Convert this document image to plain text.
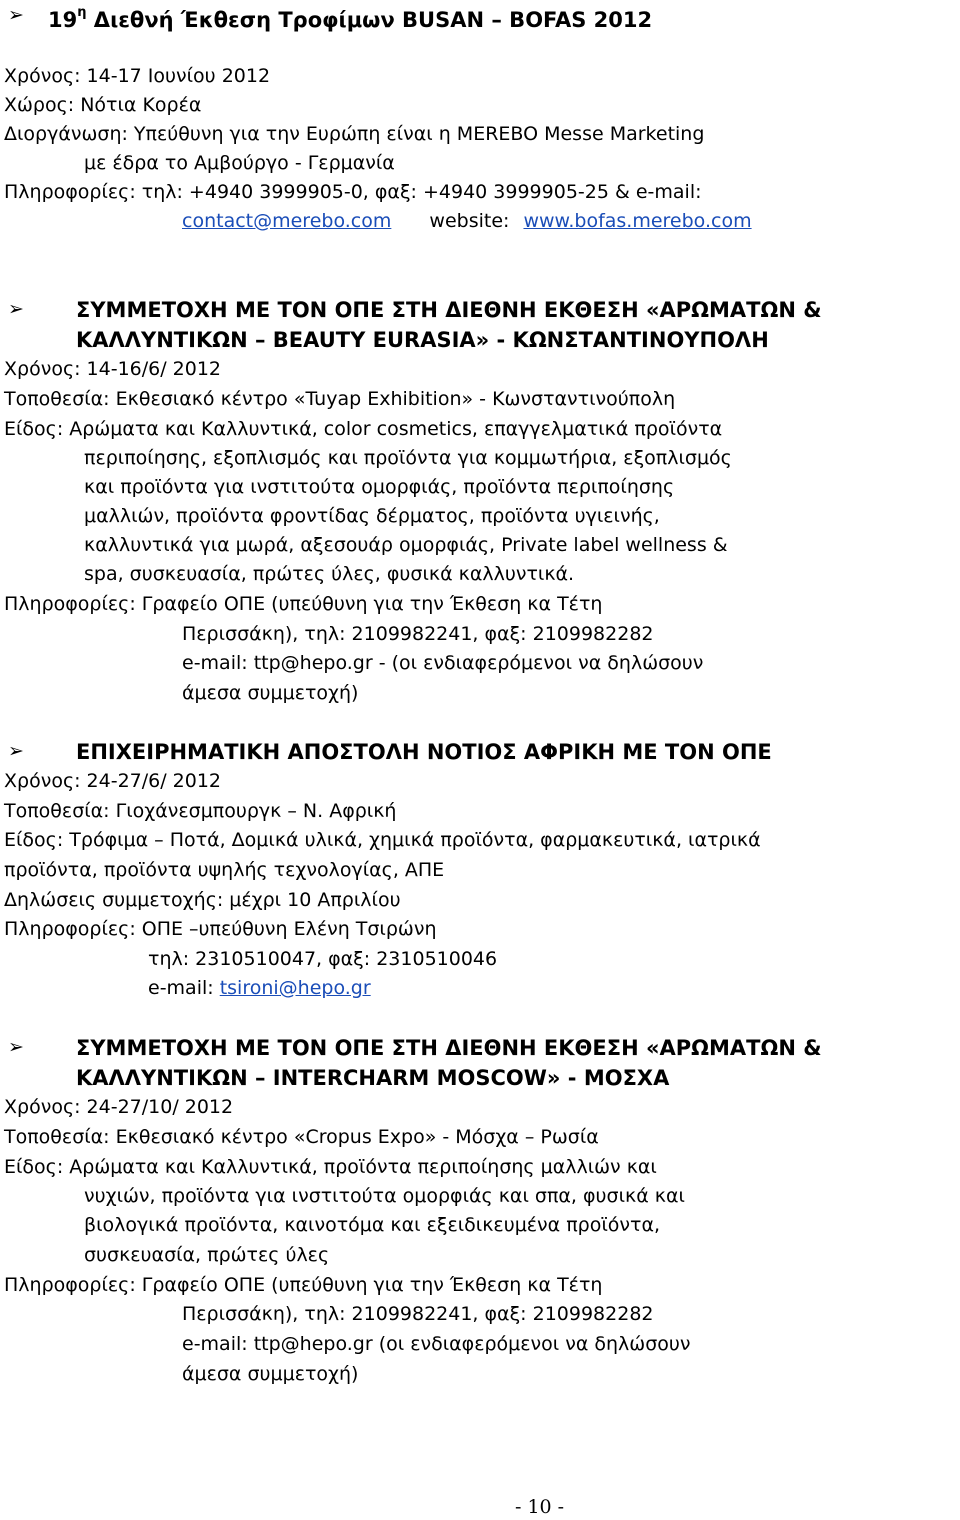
➢ $19^\eta$ Διεθνή Έκθεση Τροφίμων BUSAN – BOFAS 2012
Χρόνος: 14-17 Ιουνίου 2012
Χώρος: Νότια Κορέα
Διοργάνωση: Υπεύθυνη για την Ευρώπη είναι η MEREBO Messe Marketing
με έδρα το Αμβούργο - Γερμανία
Πληροφορίες: τηλ: +4940 3999905-0, φαξ: +4940 3999905-25 & e-mail:
contact@merebo.com website: www.bofas.merebo.com
➢ ΣΥΜΜΕΤΟΧΗ ΜΕ ΤΟΝ ΟΠΕ ΣΤΗ ΔΙΕΘΝΗ ΕΚΘΕΣΗ «ΑΡΩΜΑΤΩΝ &
ΚΑΛΛΥΝΤΙΚΩΝ – BEAUTY EURASIA» - ΚΩΝΣΤΑΝΤΙΝΟΥΠΟΛΗ
Χρόνος: 14-16/6/ 2012
Τοποθεσία: Εκθεσιακό κέντρο «Tuyap Exhibition» - Κωνσταντινούπολη
Είδος: Αρώματα και Καλλυντικά, color cosmetics, επαγγελματικά προϊόντα
περιποίησης, εξοπλισμός και προϊόντα για κομμωτήρια, εξοπλισμός
και προϊόντα για ινστιτούτα ομορφιάς, προϊόντα περιποίησης
μαλλιών, προϊόντα φροντίδας δέρματος, προϊόντα υγιεινής,
καλλυντικά για μωρά, αξεσουάρ ομορφιάς, Private label wellness &
spa, συσκευασία, πρώτες ύλες, φυσικά καλλυντικά.
Πληροφορίες: Γραφείο ΟΠΕ (υπεύθυνη για την Έκθεση κα Τέτη
Περισσάκη), τηλ: 2109982241, φαξ: 2109982282
e-mail: ttp@hepo.gr - (οι ενδιαφερόμενοι να δηλώσουν
άμεσα συμμετοχή)
➢ ΕΠΙΧΕΙΡΗΜΑΤΙΚΗ ΑΠΟΣΤΟΛΗ ΝΟΤΙΟΣ ΑΦΡΙΚΗ ΜΕ ΤΟΝ ΟΠΕ
Χρόνος: 24-27/6/ 2012
Τοποθεσία: Γιοχάνεσμπουργκ – Ν. Αφρική
Είδος: Τρόφιμα – Ποτά, Δομικά υλικά, χημικά προϊόντα, φαρμακευτικά, ιατρικά
προϊόντα, προϊόντα υψηλής τεχνολογίας, ΑΠΕ
Δηλώσεις συμμετοχής: μέχρι 10 Απριλίου
Πληροφορίες: ΟΠΕ –υπεύθυνη Ελένη Τσιρώνη
τηλ: 2310510047, φαξ: 2310510046
e-mail: tsironi@hepo.gr
➢ ΣΥΜΜΕΤΟΧΗ ΜΕ ΤΟΝ ΟΠΕ ΣΤΗ ΔΙΕΘΝΗ ΕΚΘΕΣΗ «ΑΡΩΜΑΤΩΝ &
ΚΑΛΛΥΝΤΙΚΩΝ – INTERCHARM MOSCOW» - ΜΟΣΧΑ
Χρόνος: 24-27/10/ 2012
Τοποθεσία: Εκθεσιακό κέντρο «Cropus Expo» - Μόσχα – Ρωσία
Είδος: Αρώματα και Καλλυντικά, προϊόντα περιποίησης μαλλιών και
νυχιών, προϊόντα για ινστιτούτα ομορφιάς και σπα, φυσικά και
βιολογικά προϊόντα, καινοτόμα και εξειδικευμένα προϊόντα,
συσκευασία, πρώτες ύλες
Πληροφορίες: Γραφείο ΟΠΕ (υπεύθυνη για την Έκθεση κα Τέτη
Περισσάκη), τηλ: 2109982241, φαξ: 2109982282
e-mail: ttp@hepo.gr (οι ενδιαφερόμενοι να δηλώσουν
άμεσα συμμετοχή)
- 10 -
